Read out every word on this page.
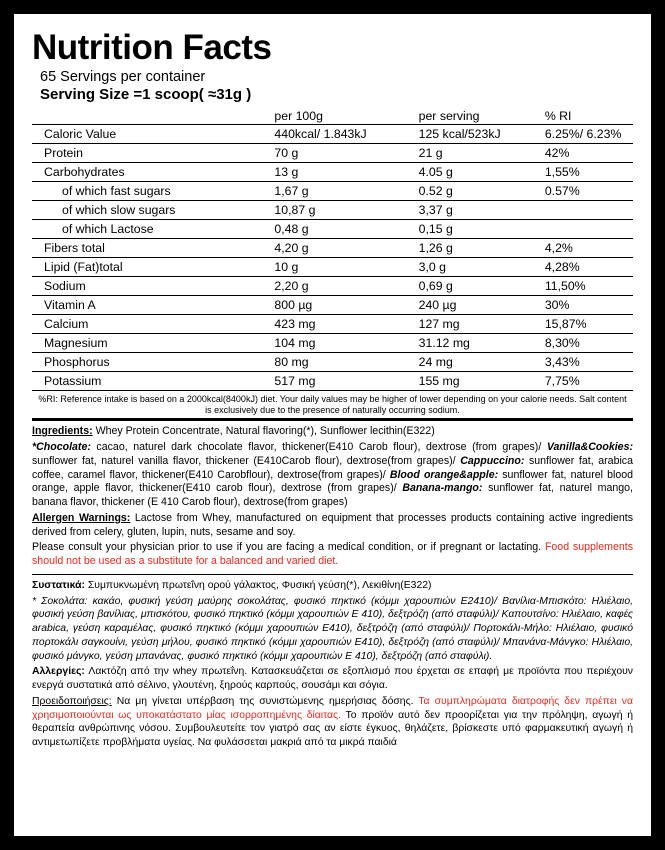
Nutrition Facts
65 Servings per container
Serving Size =1 scoop( ≈31g )
	per 100g	per serving	% RI
Caloric Value	440kcal/ 1.843kJ	125 kcal/523kJ	6.25%/ 6.23%
Protein	70 g	21 g	42%
Carbohydrates	13 g	4.05 g	1,55%
of which fast sugars	1,67 g	0.52 g	0.57%
of which slow sugars	10,87 g	3,37 g	
of which Lactose	0,48 g	0,15 g	
Fibers total	4,20 g	1,26 g	4,2%
Lipid (Fat)total	10 g	3,0 g	4,28%
Sodium	2,20 g	0,69 g	11,50%
Vitamin A	800 µg	240 µg	30%
Calcium	423 mg	127 mg	15,87%
Magnesium	104 mg	31.12 mg	8,30%
Phosphorus	80 mg	24 mg	3,43%
Potassium	517 mg	155 mg	7,75%
%RI: Reference intake is based on a 2000kcal(8400kJ) diet. Your daily values may be higher of lower depending on your calorie needs. Salt content is exclusively due to the presence of naturally occurring sodium.

Ingredients: Whey Protein Concentrate, Natural flavoring(*), Sunflower lecithin(E322)

*Chocolate: cacao, naturel dark chocolate flavor, thickener(E410 Carob flour), dextrose (from grapes)/ Vanilla&Cookies: sunflower fat, naturel vanilla flavor, thickener (E410Carob flour), dextrose(from grapes)/ Cappuccino: sunflower fat, arabica coffee, caramel flavor, thickener(E410 Carobflour), dextrose(from grapes)/ Blood orange&apple: sunflower fat, naturel blood orange, apple flavor, thickener(E410 carob flour), dextrose (from grapes)/ Banana-mango: sunflower fat, naturel mango, banana flavor, thickener (E 410 Carob flour), dextrose(from grapes)

Allergen Warnings: Lactose from Whey, manufactured on equipment that processes products containing active ingredients derived from celery, gluten, lupin, nuts, sesame and soy.

Please consult your physician prior to use if you are facing a medical condition, or if pregnant or lactating. Food supplements should not be used as a substitute for a balanced and varied diet.

Συστατικά: Συμπυκνωμένη πρωτεΐνη ορού γάλακτος, Φυσική γεύση(*), Λεκιθίνη(E322)

* Σοκολάτα: κακάο, φυσική γεύση μαύρης σοκολάτας, φυσικό πηκτικό (κόμμι χαρουπιών Ε2410)/ Βανίλια-Μπισκότο: Ηλιέλαιο, φυσική γεύση βανίλιας, μπισκότου, φυσικό πηκτικό (κόμμι χαρουπιών Ε 410), δεξτρόζη (από σταφύλι)/ Καπουτσίνο: Ηλιέλαιο, καφές arabica, γεύση καραμέλας, φυσικό πηκτικό (κόμμι χαρουπιών Ε410), δεξτρόζη (από σταφύλι)/ Πορτοκάλι-Μήλο: Ηλιέλαιο, φυσικό πορτοκάλι σαγκουίνι, γεύση μήλου, φυσικό πηκτικό (κόμμι χαρουπιών E410), δεξτρόζη (από σταφύλι)/ Μπανάνα-Μάνγκο: Ηλιέλαιο, φυσικό μάνγκο, γεύση μπανάνας, φυσικό πηκτικό (κόμμι χαρουπιών Ε 410), δεξτρόζη (από σταφύλι).

Αλλεργίες: Λακτόζη από την whey πρωτεΐνη. Κατασκευάζεται σε εξοπλισμό που έρχεται σε επαφή με προϊόντα που περιέχουν ενεργά συστατικά από σέλινο, γλουτένη, ξηρούς καρπούς, σουσάμι και σόγια.

Προειδοποιήσεις: Να μη γίνεται υπέρβαση της συνιστώμενης ημερήσιας δόσης. Τα συμπληρώματα διατροφής δεν πρέπει να χρησιμοποιούνται ως υποκατάστατο μίας ισορροπημένης δίαιτας. Το προϊόν αυτό δεν προορίζεται για την πρόληψη, αγωγή ή θεραπεία ανθρώπινης νόσου. Συμβουλευτείτε τον γιατρό σας αν είστε έγκυος, θηλάζετε, βρίσκεστε υπό φαρμακευτική αγωγή ή αντιμετωπίζετε προβλήματα υγείας. Να φυλάσσεται μακριά από τα μικρά παιδιά
